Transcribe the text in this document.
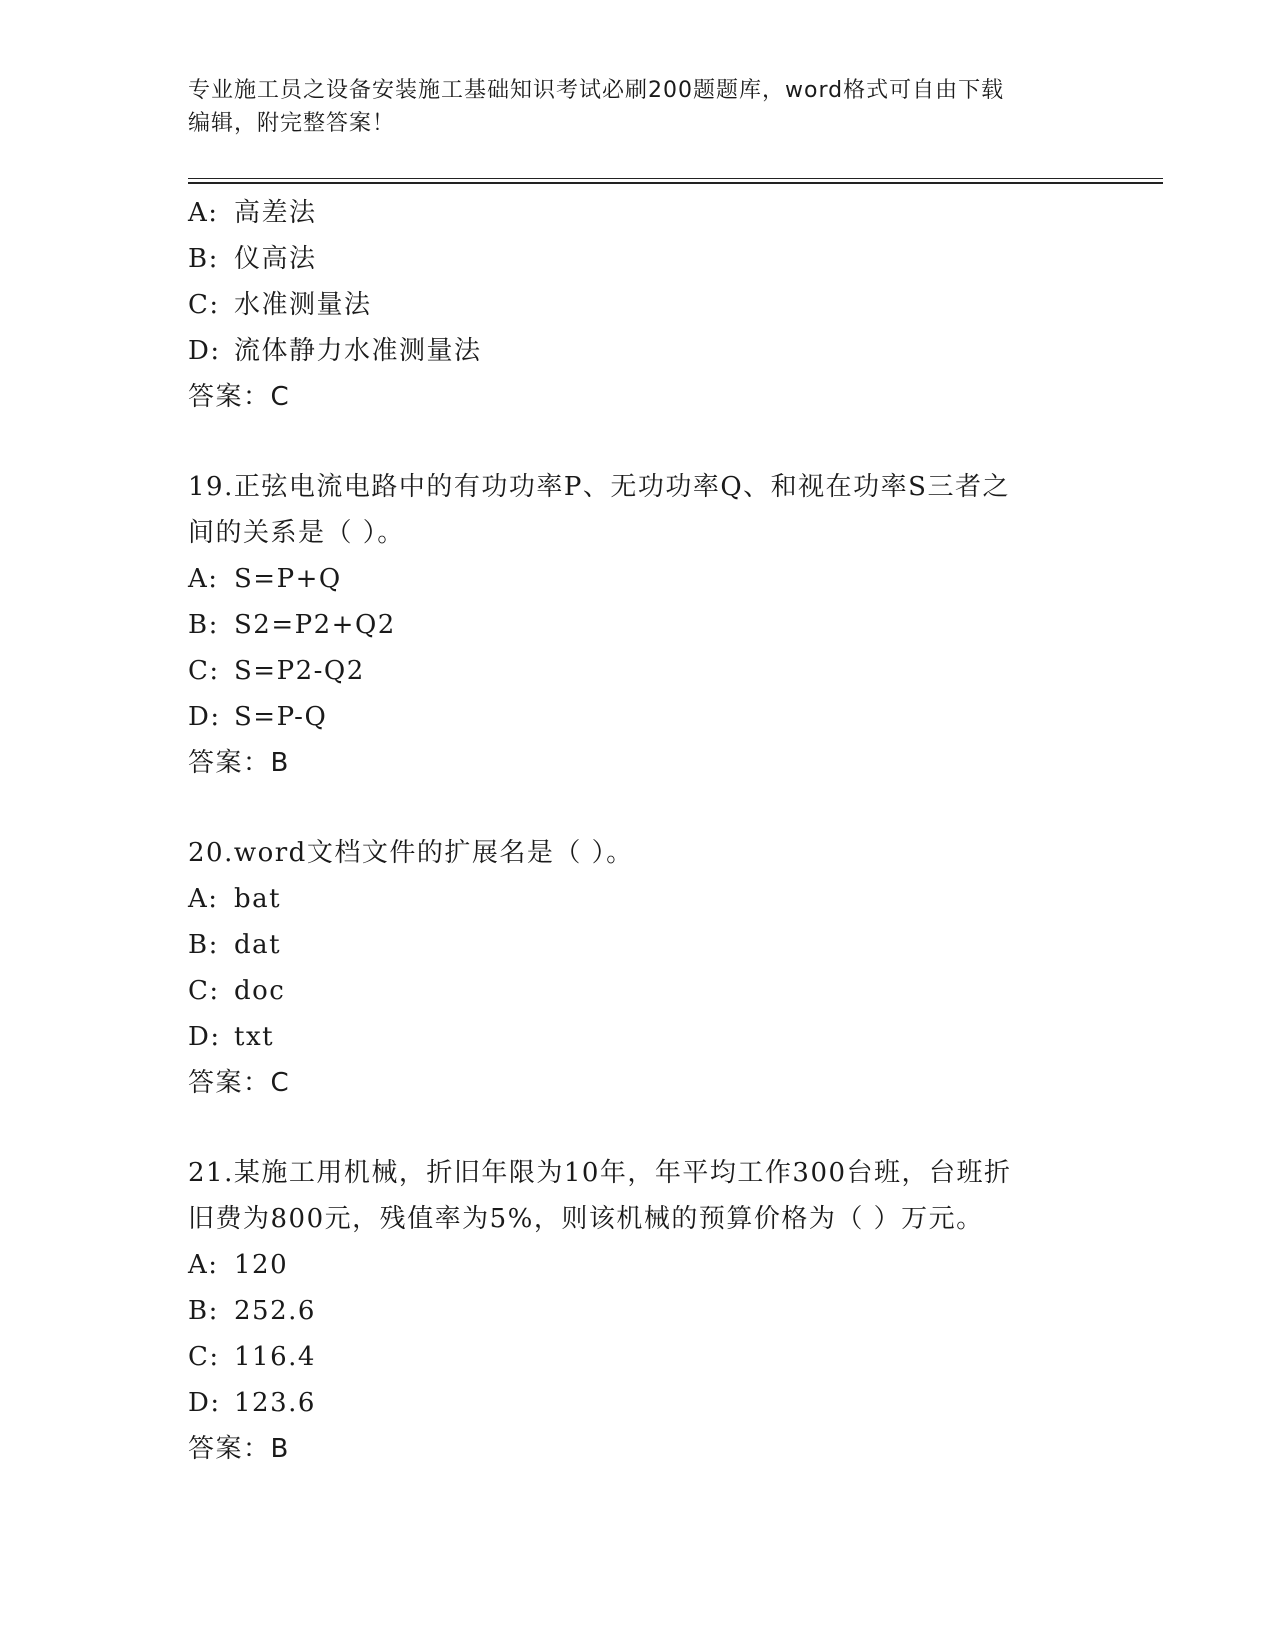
专业施工员之设备安装施工基础知识考试必刷200题题库，word格式可自由下载
编辑，附完整答案！
A: 高差法
B: 仪高法
C: 水准测量法
D: 流体静力水准测量法
答案：C
19.正弦电流电路中的有功功率P、无功功率Q、和视在功率S三者之
间的关系是（ ）。
A: S=P+Q
B: S2=P2+Q2
C: S=P2-Q2
D: S=P-Q
答案：B
20.word文档文件的扩展名是（ ）。
A: bat
B: dat
C: doc
D: txt
答案：C
21.某施工用机械，折旧年限为10年，年平均工作300台班，台班折
旧费为800元，残值率为5%，则该机械的预算价格为（ ）万元。
A: 120
B: 252.6
C: 116.4
D: 123.6
答案：B
